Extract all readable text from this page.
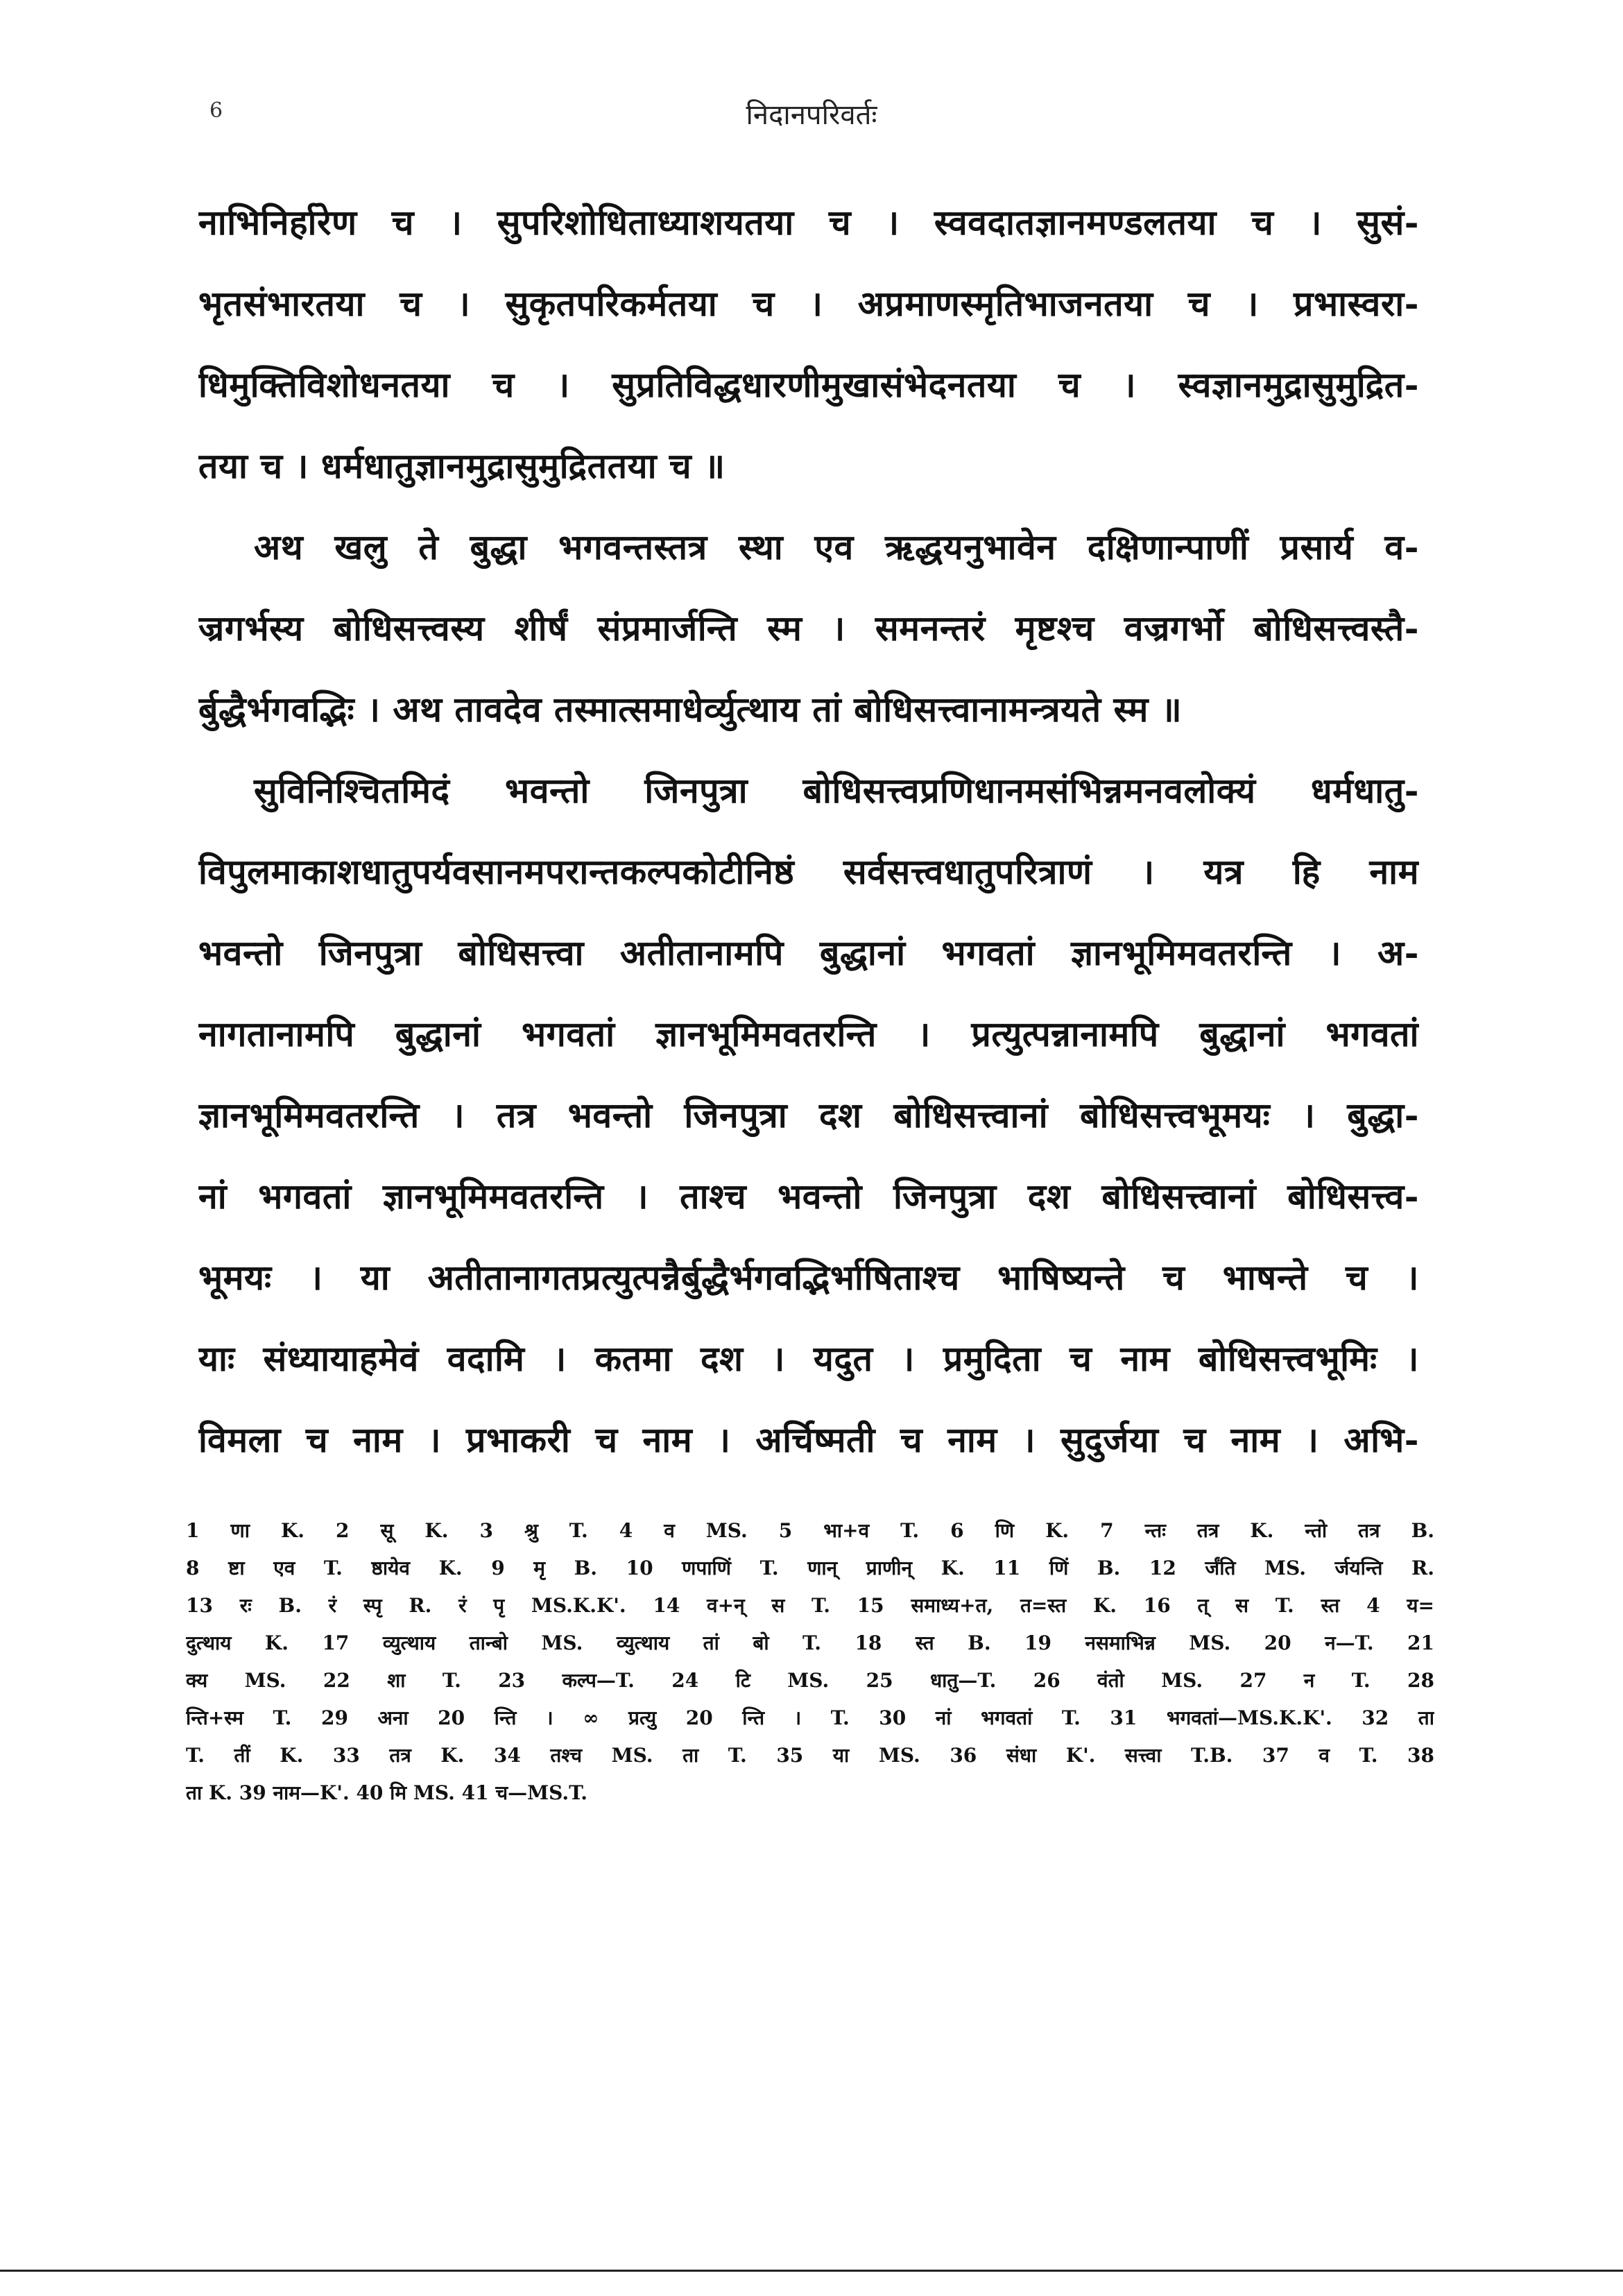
6	निदानपरिवर्तः
नाभिनिर्हारेण च । सुपरिशोधिताध्याशयतया च । स्ववदातज्ञानमण्डलतया च । सुसं-
भृतसंभारतया च । सुकृतपरिकर्मतया च । अप्रमाणस्मृतिभाजनतया च । प्रभास्वरा-
धिमुक्तिविशोधनतया च । सुप्रतिविद्धधारणीमुखासंभेदनतया च । स्वज्ञानमुद्रासुमुद्रित-
तया च । धर्मधातुज्ञानमुद्रासुमुद्रिततया च ॥
अथ खलु ते बुद्धा भगवन्तस्तत्र स्था एव ऋद्धयनुभावेन दक्षिणान्पाणीं प्रसार्य व-
ज्रगर्भस्य बोधिसत्त्वस्य शीर्षं संप्रमार्जन्ति स्म । समनन्तरं मृष्टश्च वज्रगर्भो बोधिसत्त्वस्तै-
र्बुद्धैर्भगवद्भिः । अथ तावदेव तस्मात्समाधेर्व्युत्थाय तां बोधिसत्त्वानामन्त्रयते स्म ॥
सुविनिश्चितमिदं भवन्तो जिनपुत्रा बोधिसत्त्वप्रणिधानमसंभिन्नमनवलोक्यं धर्मधातु-
विपुलमाकाशधातुपर्यवसानमपरान्तकल्पकोटीनिष्ठं सर्वसत्त्वधातुपरित्राणं । यत्र हि नाम
भवन्तो जिनपुत्रा बोधिसत्त्वा अतीतानामपि बुद्धानां भगवतां ज्ञानभूमिमवतरन्ति । अ-
नागतानामपि बुद्धानां भगवतां ज्ञानभूमिमवतरन्ति । प्रत्युत्पन्नानामपि बुद्धानां भगवतां
ज्ञानभूमिमवतरन्ति । तत्र भवन्तो जिनपुत्रा दश बोधिसत्त्वानां बोधिसत्त्वभूमयः । बुद्धा-
नां भगवतां ज्ञानभूमिमवतरन्ति । ताश्च भवन्तो जिनपुत्रा दश बोधिसत्त्वानां बोधिसत्त्व-
भूमयः । या अतीतानागतप्रत्युत्पन्नैर्बुद्धैर्भगवद्भिर्भाषिताश्च भाषिष्यन्ते च भाषन्ते च ।
याः संध्यायाहमेवं वदामि । कतमा दश । यदुत । प्रमुदिता च नाम बोधिसत्त्वभूमिः ।
विमला च नाम । प्रभाकरी च नाम । अर्चिष्मती च नाम । सुदुर्जया च नाम । अभि-
1 णा K. 2 सू K. 3 श्रु T. 4 व MS. 5 भा+व T. 6 णि K. 7 न्तः तत्र K. न्तो तत्र B.
8 ष्टा एव T. ष्ठायेव K. 9 मृ B. 10 णपाणिं T. णान् प्राणीन् K. 11 णिं B. 12 र्जंति MS. र्जयन्ति R.
13 रः B. रं स्पृ R. रं पृ MS.K.K'. 14 व+न् स T. 15 समाध्य+त, त=स्त K. 16 त् स T. स्त 4 य=
दुत्थाय K. 17 व्युत्थाय तान्बो MS. व्युत्थाय तां बो T. 18 स्त B. 19 नसमाभिन्न MS. 20 न—T. 21
क्य MS. 22 शा T. 23 कल्प—T. 24 टि MS. 25 धातु—T. 26 वंतो MS. 27 न T. 28
न्ति+स्म T. 29 अना 20 न्ति । ∞ प्रत्यु 20 न्ति । T. 30 नां भगवतां T. 31 भगवतां—MS.K.K'. 32 ता
T. तीं K. 33 तत्र K. 34 तश्च MS. ता T. 35 या MS. 36 संधा K'. सत्त्वा T.B. 37 व T. 38
ता K. 39 नाम—K'. 40 मि MS. 41 च—MS.T.
